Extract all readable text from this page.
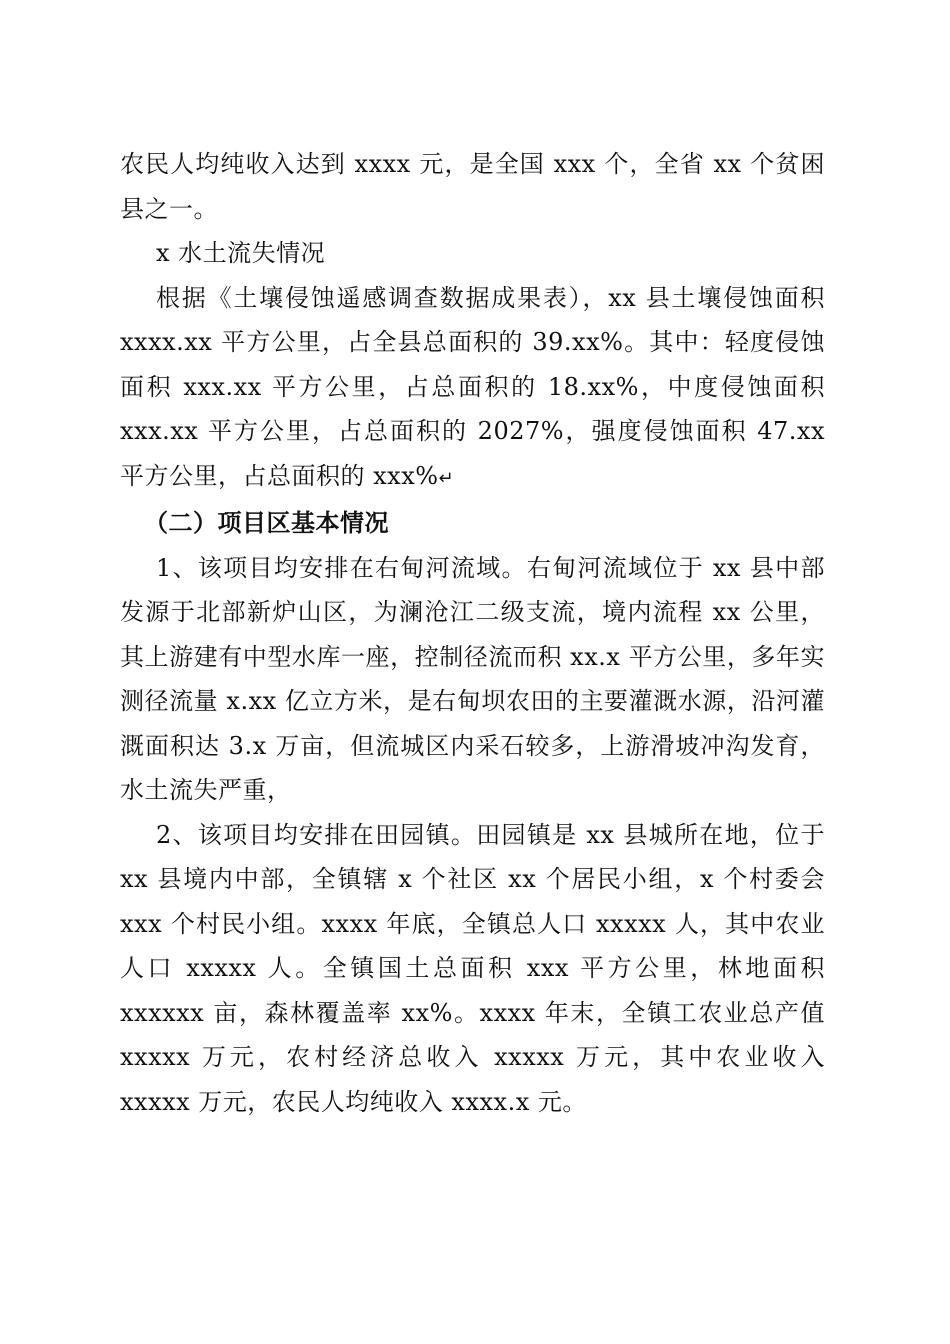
农民人均纯收入达到 xxxx 元，是全国 xxx 个，全省 xx 个贫困县之一。

x 水土流失情况

根据《土壤侵蚀遥感调查数据成果表），xx 县土壤侵蚀面积 xxxx.xx 平方公里，占全县总面积的 39.xx%。其中：轻度侵蚀面积 xxx.xx 平方公里，占总面积的 18.xx%，中度侵蚀面积 xxx.xx 平方公里，占总面积的 2027%，强度侵蚀面积 47.xx 平方公里，占总面积的 xxx%↵

（二）项目区基本情况

1、该项目均安排在右甸河流域。右甸河流域位于 xx 县中部发源于北部新炉山区，为澜沧江二级支流，境内流程 xx 公里，其上游建有中型水库一座，控制径流而积 xx.x 平方公里，多年实测径流量 x.xx 亿立方米，是右甸坝农田的主要灌溉水源，沿河灌溉面积达 3.x 万亩，但流城区内采石较多，上游滑坡冲沟发育，水土流失严重，

2、该项目均安排在田园镇。田园镇是 xx 县城所在地，位于 xx 县境内中部，全镇辖 x 个社区 xx 个居民小组，x 个村委会 xxx 个村民小组。xxxx 年底，全镇总人口 xxxxx 人，其中农业人口 xxxxx 人。全镇国土总面积 xxx 平方公里，林地面积 xxxxxx 亩，森林覆盖率 xx%。xxxx 年末，全镇工农业总产值 xxxxx 万元，农村经济总收入 xxxxx 万元，其中农业收入 xxxxx 万元，农民人均纯收入 xxxx.x 元。
